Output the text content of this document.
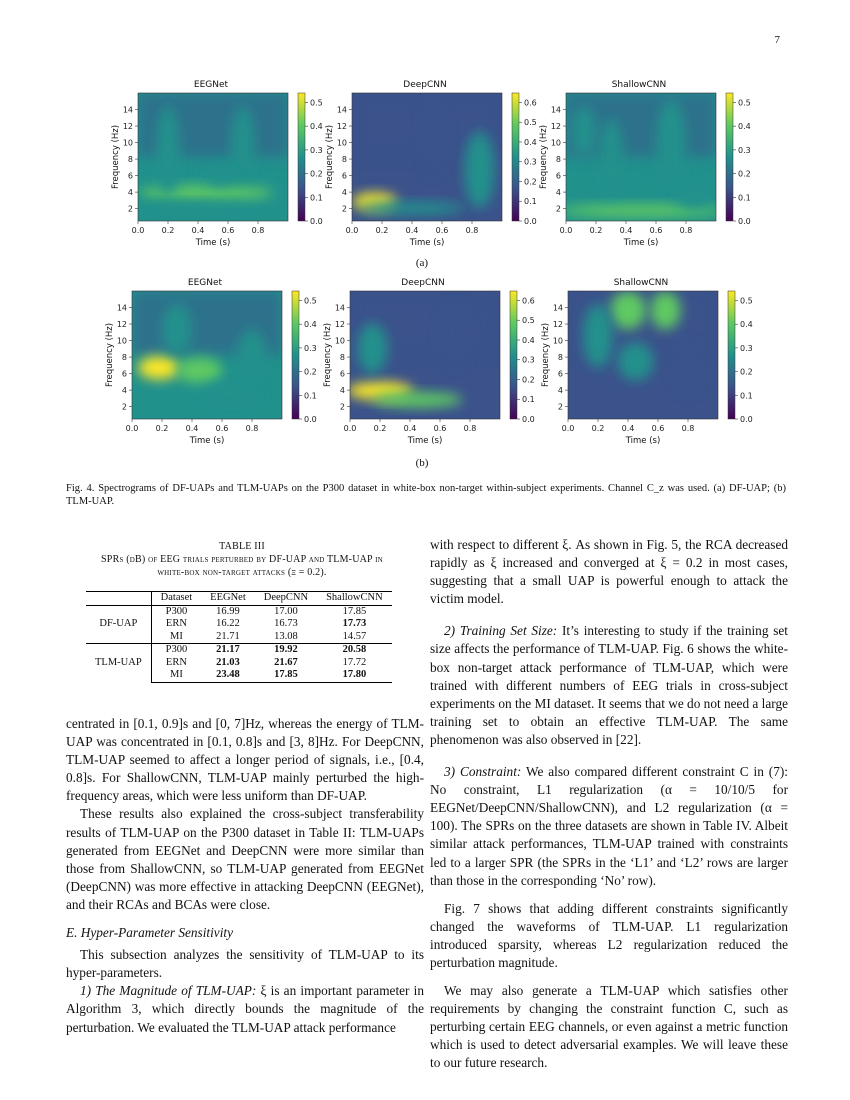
7
0.0 0.2 0.4 0.6 0.8
2
4
6
8
10
12
14
Time (s)
Frequency (Hz)
0.0
0.1
0.2
0.3
0.4
0.5
EEGNet
0.0 0.2 0.4 0.6 0.8
2
4
6
8
10
12
14
Time (s)
Frequency (Hz)
0.0
0.1
0.2
0.3
0.4
0.5
0.6
DeepCNN
0.0 0.2 0.4 0.6 0.8
2
4
6
8
10
12
14
Time (s)
Frequency (Hz)
0.0
0.1
0.2
0.3
0.4
0.5
ShallowCNN
(a)
0.0 0.2 0.4 0.6 0.8
2
4
6
8
10
12
14
Time (s)
Frequency (Hz)
0.0
0.1
0.2
0.3
0.4
0.5
EEGNet
0.0 0.2 0.4 0.6 0.8
2
4
6
8
10
12
14
Time (s)
Frequency (Hz)
0.0
0.1
0.2
0.3
0.4
0.5
0.6
DeepCNN
0.0 0.2 0.4 0.6 0.8
2
4
6
8
10
12
14
Time (s)
Frequency (Hz)
0.0
0.1
0.2
0.3
0.4
0.5
ShallowCNN
(b)
Fig. 4. Spectrograms of DF-UAPs and TLM-UAPs on the P300 dataset in white-box non-target within-subject experiments. Channel C_z was used. (a) DF-UAP; (b) TLM-UAP.
TABLE III
SPRs (dB) of EEG trials perturbed by DF-UAP and TLM-UAP in
white-box non-target attacks (ξ = 0.2).
	Dataset	EEGNet	DeepCNN	ShallowCNN
DF-UAP	P300	16.99	17.00	17.85
	ERN	16.22	16.73	17.73
	MI	21.71	13.08	14.57
TLM-UAP	P300	21.17	19.92	20.58
	ERN	21.03	21.67	17.72
	MI	23.48	17.85	17.80

centrated in [0.1, 0.9]s and [0, 7]Hz, whereas the energy of TLM-UAP was concentrated in [0.1, 0.8]s and [3, 8]Hz. For DeepCNN, TLM-UAP seemed to affect a longer period of signals, i.e., [0.4, 0.8]s. For ShallowCNN, TLM-UAP mainly perturbed the high-frequency areas, which were less uniform than DF-UAP.

These results also explained the cross-subject transferability results of TLM-UAP on the P300 dataset in Table II: TLM-UAPs generated from EEGNet and DeepCNN were more similar than those from ShallowCNN, so TLM-UAP generated from EEGNet (DeepCNN) was more effective in attacking DeepCNN (EEGNet), and their RCAs and BCAs were close.

E. Hyper-Parameter Sensitivity

This subsection analyzes the sensitivity of TLM-UAP to its hyper-parameters.

1) The Magnitude of TLM-UAP: ξ is an important parameter in Algorithm 3, which directly bounds the magnitude of the perturbation. We evaluated the TLM-UAP attack performance

with respect to different ξ. As shown in Fig. 5, the RCA decreased rapidly as ξ increased and converged at ξ = 0.2 in most cases, suggesting that a small UAP is powerful enough to attack the victim model.

2) Training Set Size: It’s interesting to study if the training set size affects the performance of TLM-UAP. Fig. 6 shows the white-box non-target attack performance of TLM-UAP, which were trained with different numbers of EEG trials in cross-subject experiments on the MI dataset. It seems that we do not need a large training set to obtain an effective TLM-UAP. The same phenomenon was also observed in [22].

3) Constraint: We also compared different constraint C in (7): No constraint, L1 regularization (α = 10/10/5 for EEGNet/DeepCNN/ShallowCNN), and L2 regularization (α = 100). The SPRs on the three datasets are shown in Table IV. Albeit similar attack performances, TLM-UAP trained with constraints led to a larger SPR (the SPRs in the ‘L1’ and ‘L2’ rows are larger than those in the corresponding ‘No’ row).

Fig. 7 shows that adding different constraints significantly changed the waveforms of TLM-UAP. L1 regularization introduced sparsity, whereas L2 regularization reduced the perturbation magnitude.

We may also generate a TLM-UAP which satisfies other requirements by changing the constraint function C, such as perturbing certain EEG channels, or even against a metric function which is used to detect adversarial examples. We will leave these to our future research.
